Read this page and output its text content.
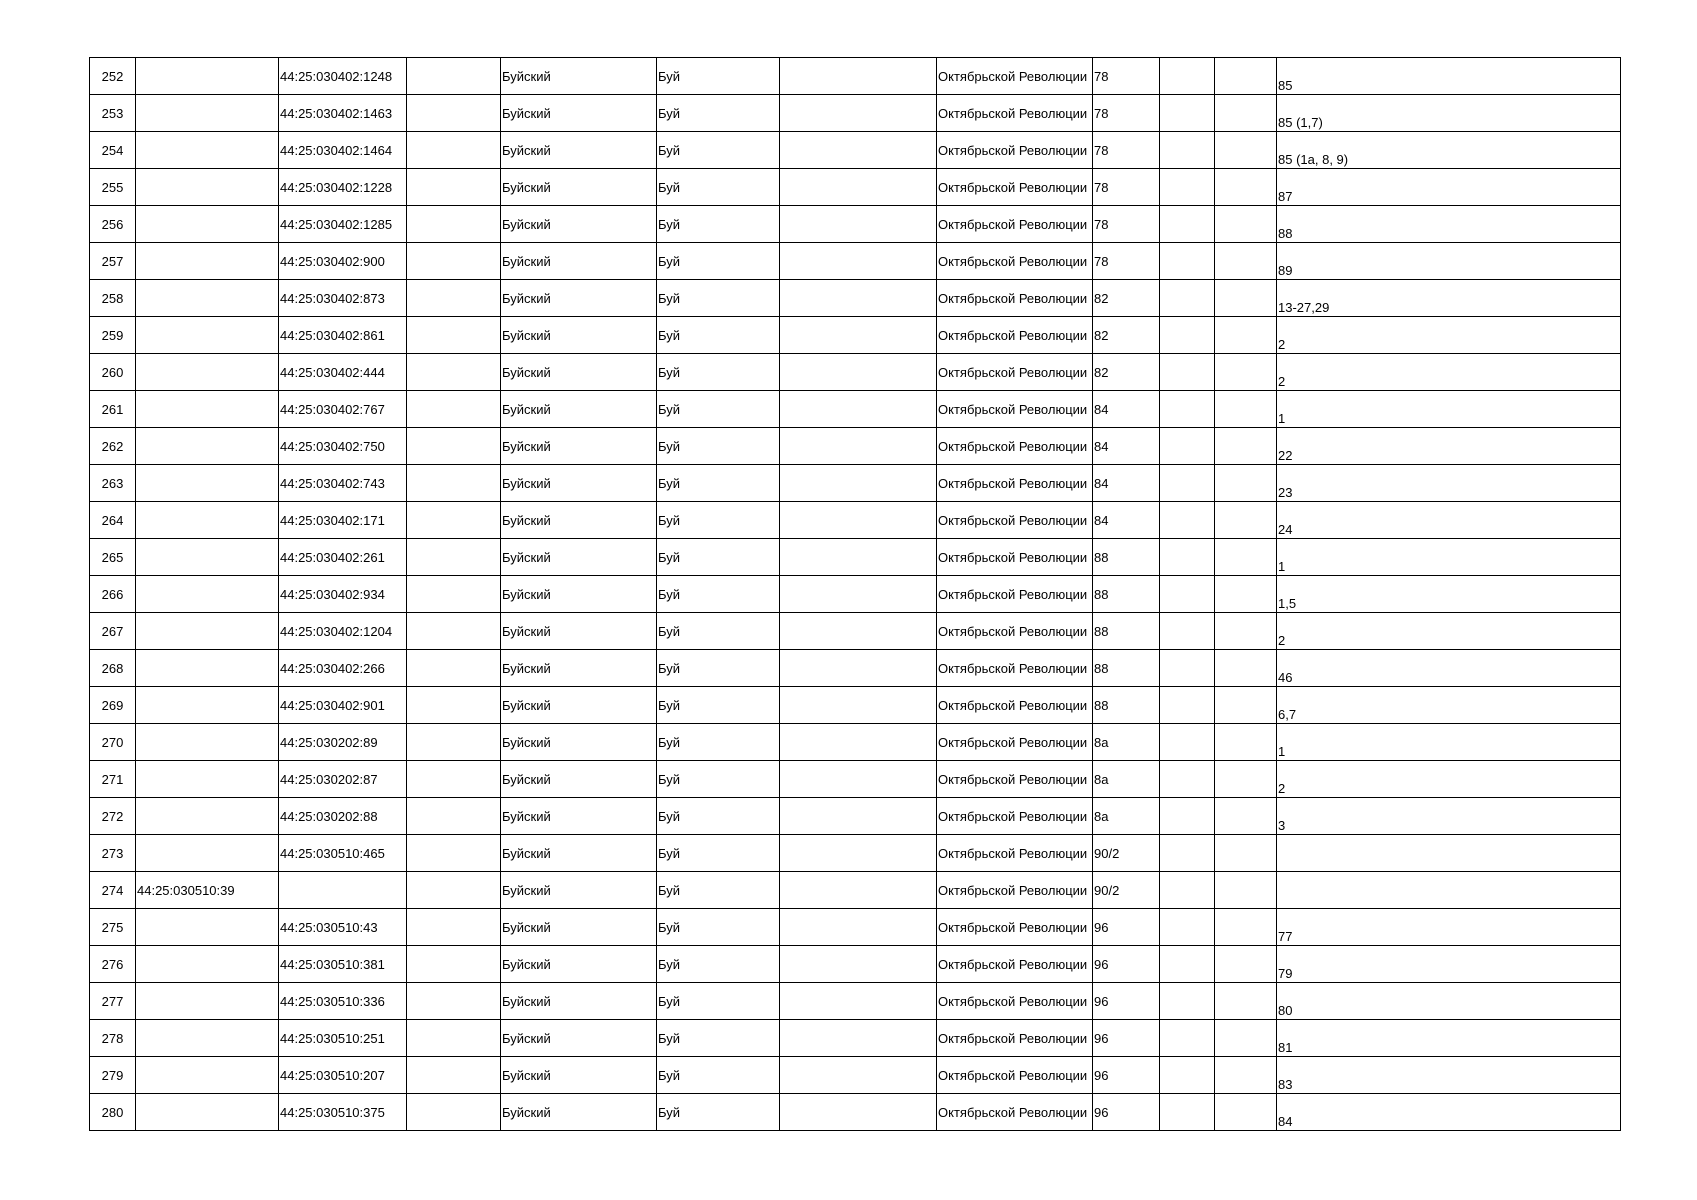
252		44:25:030402:1248		Буйский	Буй		Октябрьской Революции	78			85
253		44:25:030402:1463		Буйский	Буй		Октябрьской Революции	78			85 (1,7)
254		44:25:030402:1464		Буйский	Буй		Октябрьской Революции	78			85 (1а, 8, 9)
255		44:25:030402:1228		Буйский	Буй		Октябрьской Революции	78			87
256		44:25:030402:1285		Буйский	Буй		Октябрьской Революции	78			88
257		44:25:030402:900		Буйский	Буй		Октябрьской Революции	78			89
258		44:25:030402:873		Буйский	Буй		Октябрьской Революции	82			13-27,29
259		44:25:030402:861		Буйский	Буй		Октябрьской Революции	82			2
260		44:25:030402:444		Буйский	Буй		Октябрьской Революции	82			2
261		44:25:030402:767		Буйский	Буй		Октябрьской Революции	84			1
262		44:25:030402:750		Буйский	Буй		Октябрьской Революции	84			22
263		44:25:030402:743		Буйский	Буй		Октябрьской Революции	84			23
264		44:25:030402:171		Буйский	Буй		Октябрьской Революции	84			24
265		44:25:030402:261		Буйский	Буй		Октябрьской Революции	88			1
266		44:25:030402:934		Буйский	Буй		Октябрьской Революции	88			1,5
267		44:25:030402:1204		Буйский	Буй		Октябрьской Революции	88			2
268		44:25:030402:266		Буйский	Буй		Октябрьской Революции	88			46
269		44:25:030402:901		Буйский	Буй		Октябрьской Революции	88			6,7
270		44:25:030202:89		Буйский	Буй		Октябрьской Революции	8а			1
271		44:25:030202:87		Буйский	Буй		Октябрьской Революции	8а			2
272		44:25:030202:88		Буйский	Буй		Октябрьской Революции	8а			3
273		44:25:030510:465		Буйский	Буй		Октябрьской Революции	90/2			
274	44:25:030510:39			Буйский	Буй		Октябрьской Революции	90/2			
275		44:25:030510:43		Буйский	Буй		Октябрьской Революции	96			77
276		44:25:030510:381		Буйский	Буй		Октябрьской Революции	96			79
277		44:25:030510:336		Буйский	Буй		Октябрьской Революции	96			80
278		44:25:030510:251		Буйский	Буй		Октябрьской Революции	96			81
279		44:25:030510:207		Буйский	Буй		Октябрьской Революции	96			83
280		44:25:030510:375		Буйский	Буй		Октябрьской Революции	96			84
